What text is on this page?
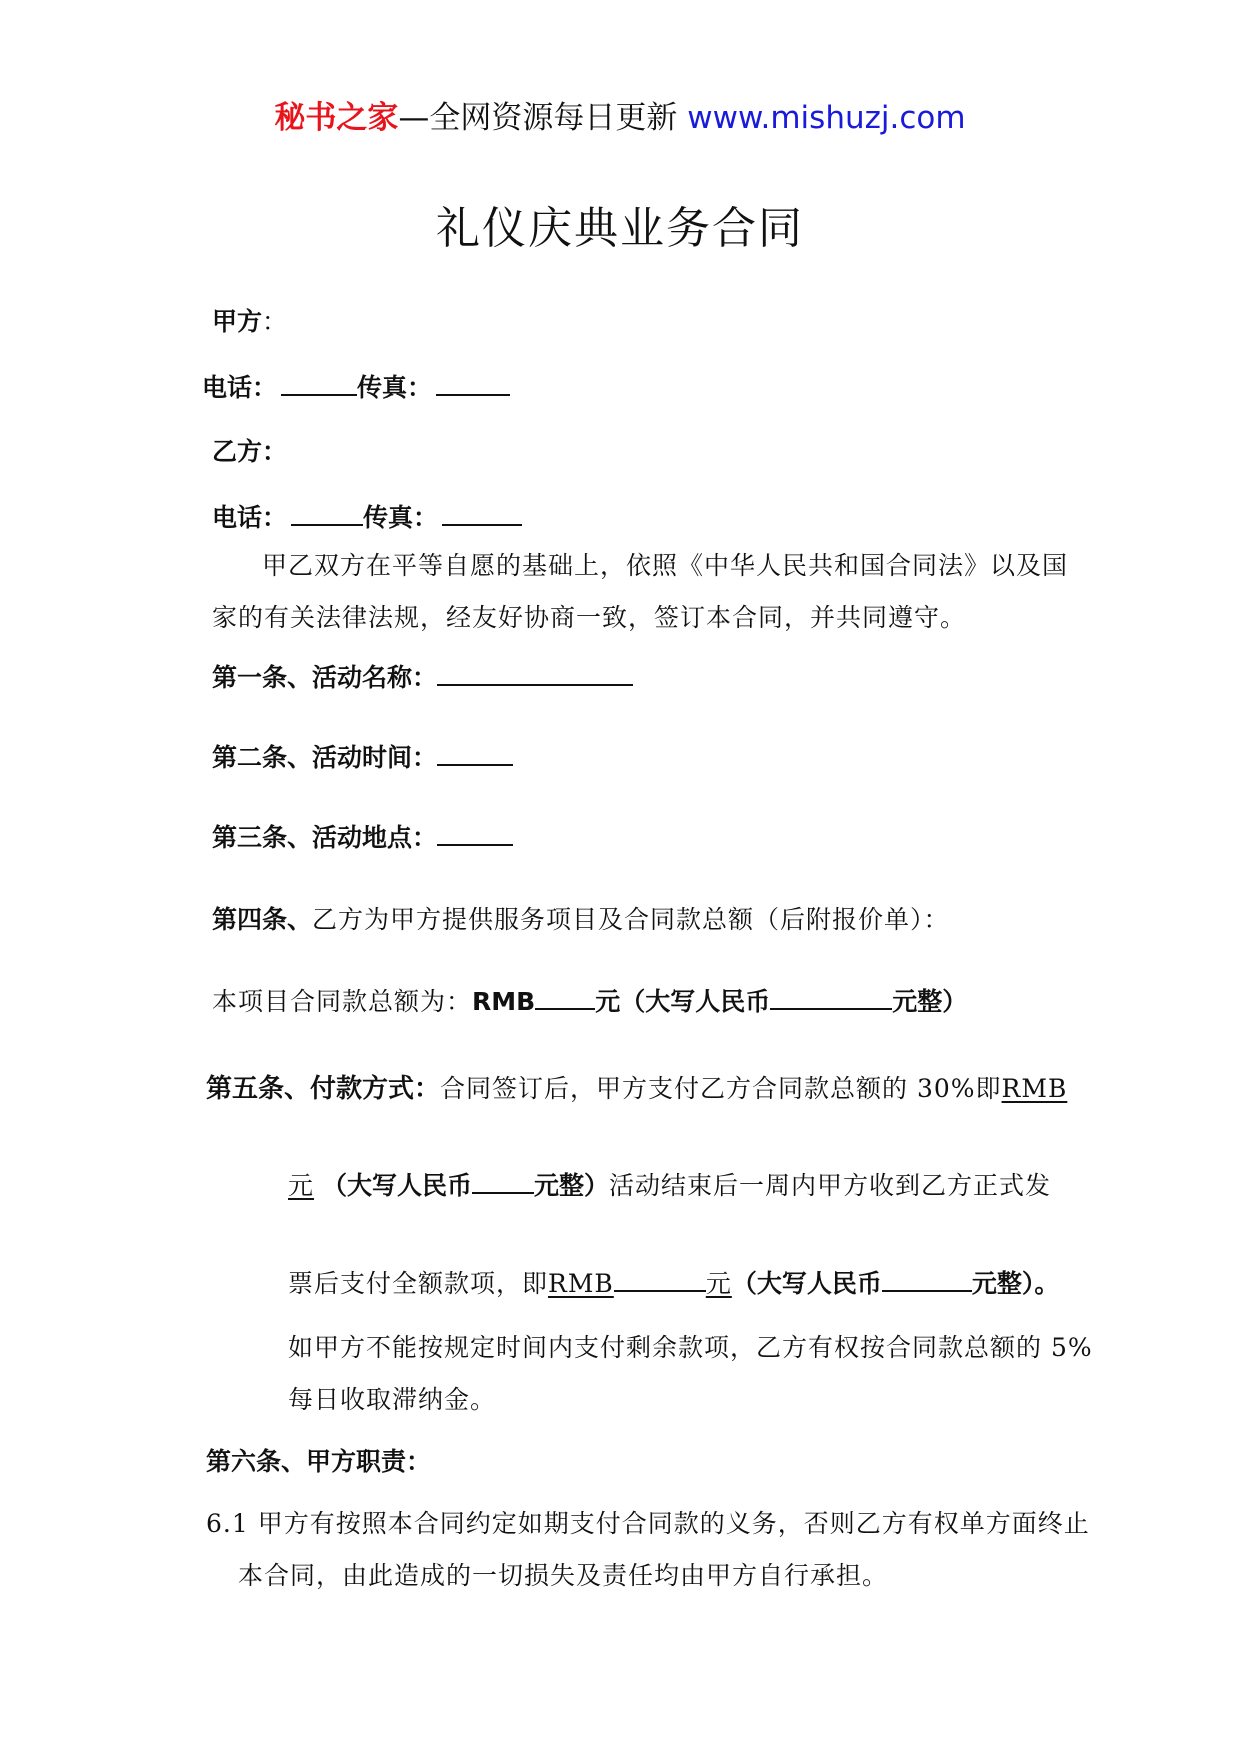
秘书之家—全网资源每日更新 www.mishuzj.com
礼仪庆典业务合同
甲方：
电话：	传真：
乙方：
电话：	传真：
甲乙双方在平等自愿的基础上，依照《中华人民共和国合同法》以及国
家的有关法律法规，经友好协商一致，签订本合同，并共同遵守。
第一条、活动名称：
第二条、活动时间：
第三条、活动地点：
第四条、乙方为甲方提供服务项目及合同款总额（后附报价单）：
本项目合同款总额为：RMB 元（大写人民币	元整）
第五条、付款方式：合同签订后，甲方支付乙方合同款总额的 30%即RMB
元 （大写人民币 元整）活动结束后一周内甲方收到乙方正式发
票后支付全额款项，即RMB	元（大写人民币	元整）。
如甲方不能按规定时间内支付剩余款项，乙方有权按合同款总额的 5%
每日收取滞纳金。
第六条、甲方职责：
6.1 甲方有按照本合同约定如期支付合同款的义务，否则乙方有权单方面终止
本合同，由此造成的一切损失及责任均由甲方自行承担。
